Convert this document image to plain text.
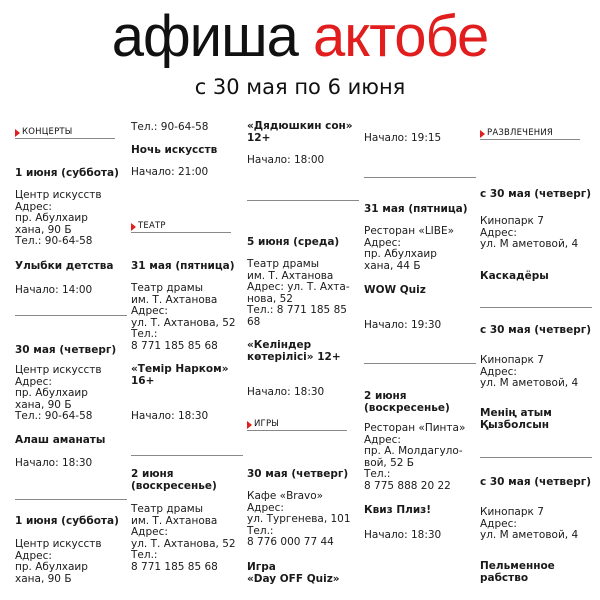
афиша актобе
с 30 мая по 6 июня
КОНЦЕРТЫ
1 июня (суббота)
Центр искусств
Адрес:
пр. Абулхаир
хана, 90 Б
Тел.: 90-64-58
Улыбки детства
Начало: 14:00
30 мая (четверг)
Центр искусств
Адрес:
пр. Абулхаир
хана, 90 Б
Тел.: 90-64-58
Алаш аманаты
Начало: 18:30
1 июня (суббота)
Центр искусств
Адрес:
пр. Абулхаир
хана, 90 Б
Тел.: 90-64-58
Ночь искусств
Начало: 21:00
ТЕАТР
31 мая (пятница)
Театр драмы
им. Т. Ахтанова
Адрес:
ул. Т. Ахтанова, 52
Тел.:
8 771 185 85 68
«Темір Нарком»
16+
Начало: 18:30
2 июня
(воскресенье)
Театр драмы
им. Т. Ахтанова
Адрес:
ул. Т. Ахтанова, 52
Тел.:
8 771 185 85 68
«Дядюшкин сон»
12+
Начало: 18:00
5 июня (среда)
Театр драмы
им. Т. Ахтанова
Адрес: ул. Т. Ахта-
нова, 52
Тел.: 8 771 185 85
68
«Келіндер
көтерілісі» 12+
Начало: 18:30
ИГРЫ
30 мая (четверг)
Кафе «Bravo»
Адрес:
ул. Тургенева, 101
Тел.:
8 776 000 77 44
Игра
«Day OFF Quiz»
Начало: 19:15
31 мая (пятница)
Ресторан «LIBE»
Адрес:
пр. Абулхаир
хана, 44 Б
WOW Quiz
Начало: 19:30
2 июня
(воскресенье)
Ресторан «Пинта»
Адрес:
пр. А. Молдагуло-
вой, 52 Б
Тел.:
8 775 888 20 22
Квиз Плиз!
Начало: 18:30
РАЗВЛЕЧЕНИЯ
с 30 мая (четверг)
Кинопарк 7
Адрес:
ул. М аметовой, 4
Каскадёры
с 30 мая (четверг)
Кинопарк 7
Адрес:
ул. М аметовой, 4
Менің атым
Қызболсын
с 30 мая (четверг)
Кинопарк 7
Адрес:
ул. М аметовой, 4
Пельменное
рабство
